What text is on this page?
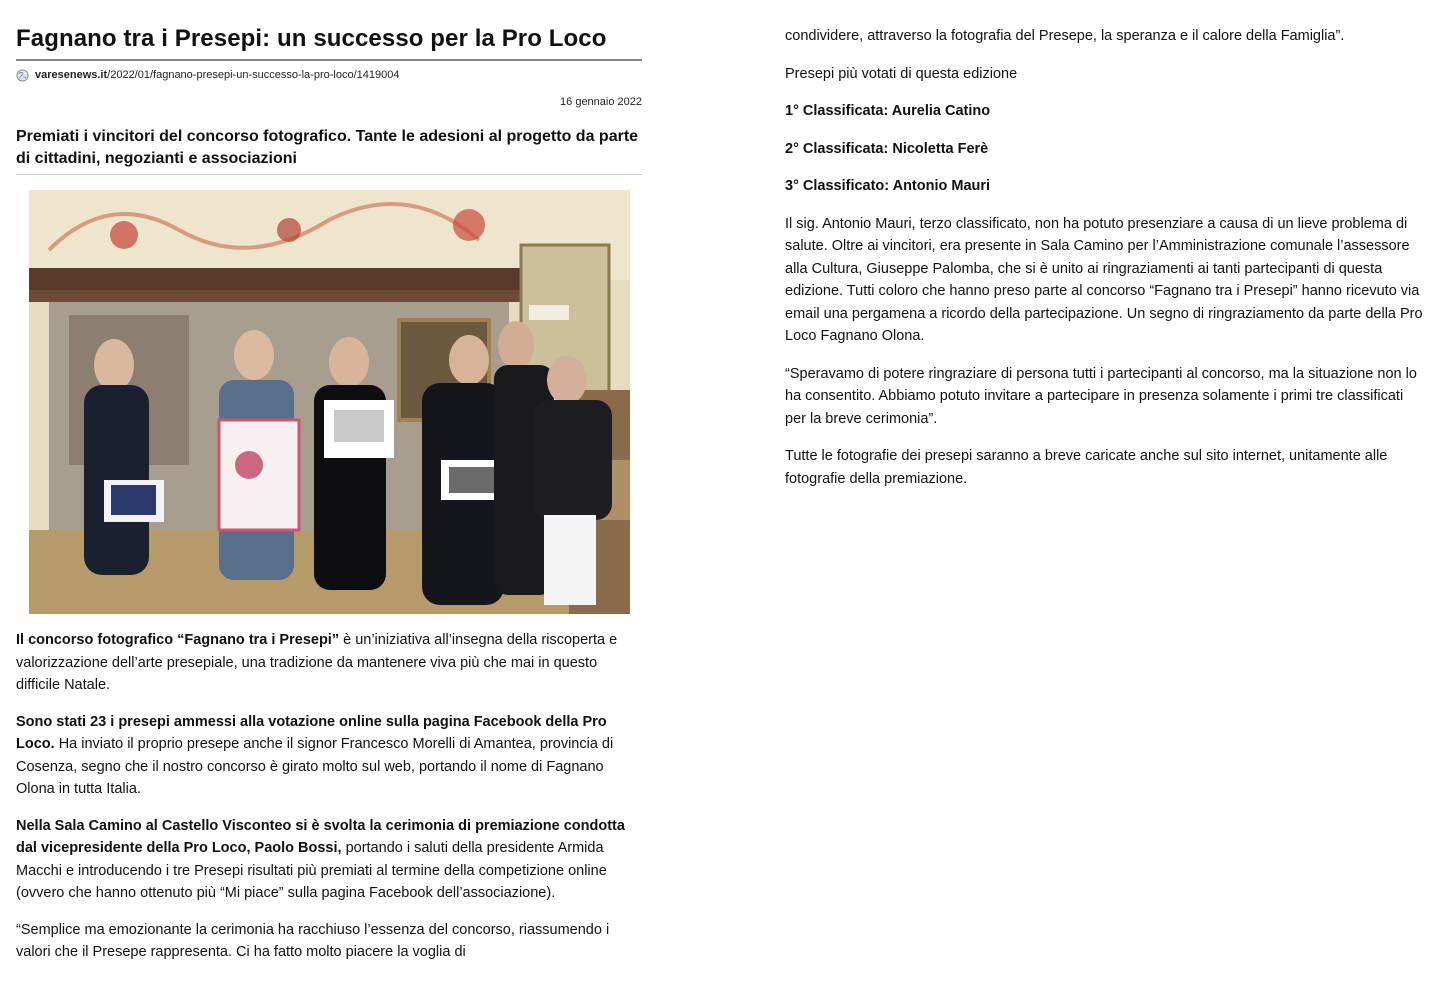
Fagnano tra i Presepi: un successo per la Pro Loco
varesenews.it /2022/01/fagnano-presepi-un-successo-la-pro-loco/1419004
16 gennaio 2022
Premiati i vincitori del concorso fotografico. Tante le adesioni al progetto da parte di cittadini, negozianti e associazioni

Il concorso fotografico “Fagnano tra i Presepi” è un’iniziativa all’insegna della riscoperta e valorizzazione dell’arte presepiale, una tradizione da mantenere viva più che mai in questo difficile Natale.

Sono stati 23 i presepi ammessi alla votazione online sulla pagina Facebook della Pro Loco. Ha inviato il proprio presepe anche il signor Francesco Morelli di Amantea, provincia di Cosenza, segno che il nostro concorso è girato molto sul web, portando il nome di Fagnano Olona in tutta Italia.

Nella Sala Camino al Castello Visconteo si è svolta la cerimonia di premiazione condotta dal vicepresidente della Pro Loco, Paolo Bossi, portando i saluti della presidente Armida Macchi e introducendo i tre Presepi risultati più premiati al termine della competizione online (ovvero che hanno ottenuto più “Mi piace” sulla pagina Facebook dell’associazione).

“Semplice ma emozionante la cerimonia ha racchiuso l’essenza del concorso, riassumendo i valori che il Presepe rappresenta. Ci ha fatto molto piacere la voglia di

condividere, attraverso la fotografia del Presepe, la speranza e il calore della Famiglia”.

Presepi più votati di questa edizione

1° Classificata: Aurelia Catino

2° Classificata: Nicoletta Ferè

3° Classificato: Antonio Mauri

Il sig. Antonio Mauri, terzo classificato, non ha potuto presenziare a causa di un lieve problema di salute. Oltre ai vincitori, era presente in Sala Camino per l’Amministrazione comunale l’assessore alla Cultura, Giuseppe Palomba, che si è unito ai ringraziamenti ai tanti partecipanti di questa edizione. Tutti coloro che hanno preso parte al concorso “Fagnano tra i Presepi” hanno ricevuto via email una pergamena a ricordo della partecipazione. Un segno di ringraziamento da parte della Pro Loco Fagnano Olona.

“Speravamo di potere ringraziare di persona tutti i partecipanti al concorso, ma la situazione non lo ha consentito. Abbiamo potuto invitare a partecipare in presenza solamente i primi tre classificati per la breve cerimonia”.

Tutte le fotografie dei presepi saranno a breve caricate anche sul sito internet, unitamente alle fotografie della premiazione.
